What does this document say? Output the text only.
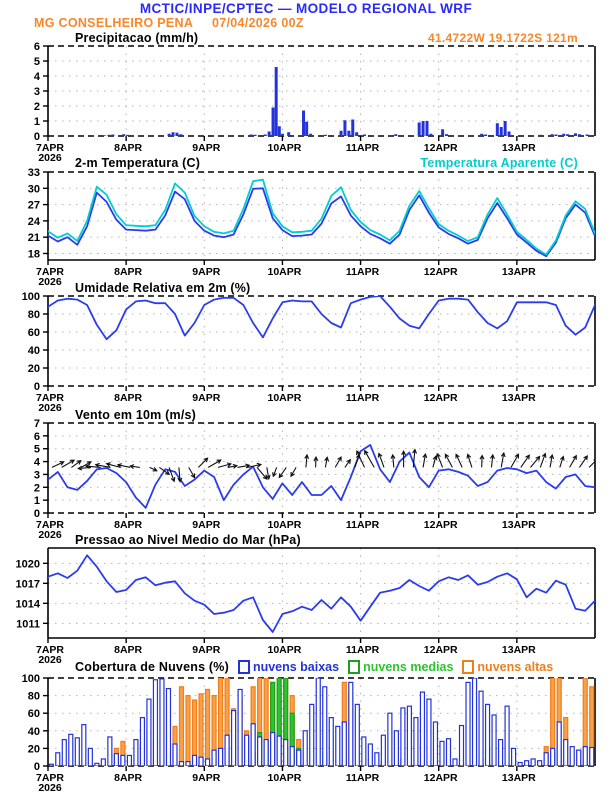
MCTIC/INPE/CPTEC — MODELO REGIONAL WRF
MG CONSELHEIRO PENA 07/04/2026 00Z
41.4722W 19.1722S 121m
Precipitacao (mm/h)
2-m Temperatura (C)	Temperatura Aparente (C)
Umidade Relativa em 2m (%)
Vento em 10m (m/s)
Pressao ao Nivel Medio do Mar (hPa)
Cobertura de Nuvens (%) nuvens baixas nuvens medias nuvens altas
0
1
2
3
4
5
6
7APR
2026
8APR	9APR	10APR	11APR	12APR	13APR
18
21
24
27
30
33
7APR
2026
8APR	9APR	10APR	11APR	12APR	13APR
0
20
40
60
80
100
7APR
2026
8APR	9APR	10APR	11APR	12APR	13APR
0
1
2
3
4
5
6
7
7APR
2026
8APR	9APR	10APR	11APR	12APR	13APR
1011
1014
1017
1020
7APR
2026
8APR	9APR	10APR	11APR	12APR	13APR
0
20
40
60
80
100
7APR
2026
8APR	9APR	10APR	11APR	12APR	13APR
